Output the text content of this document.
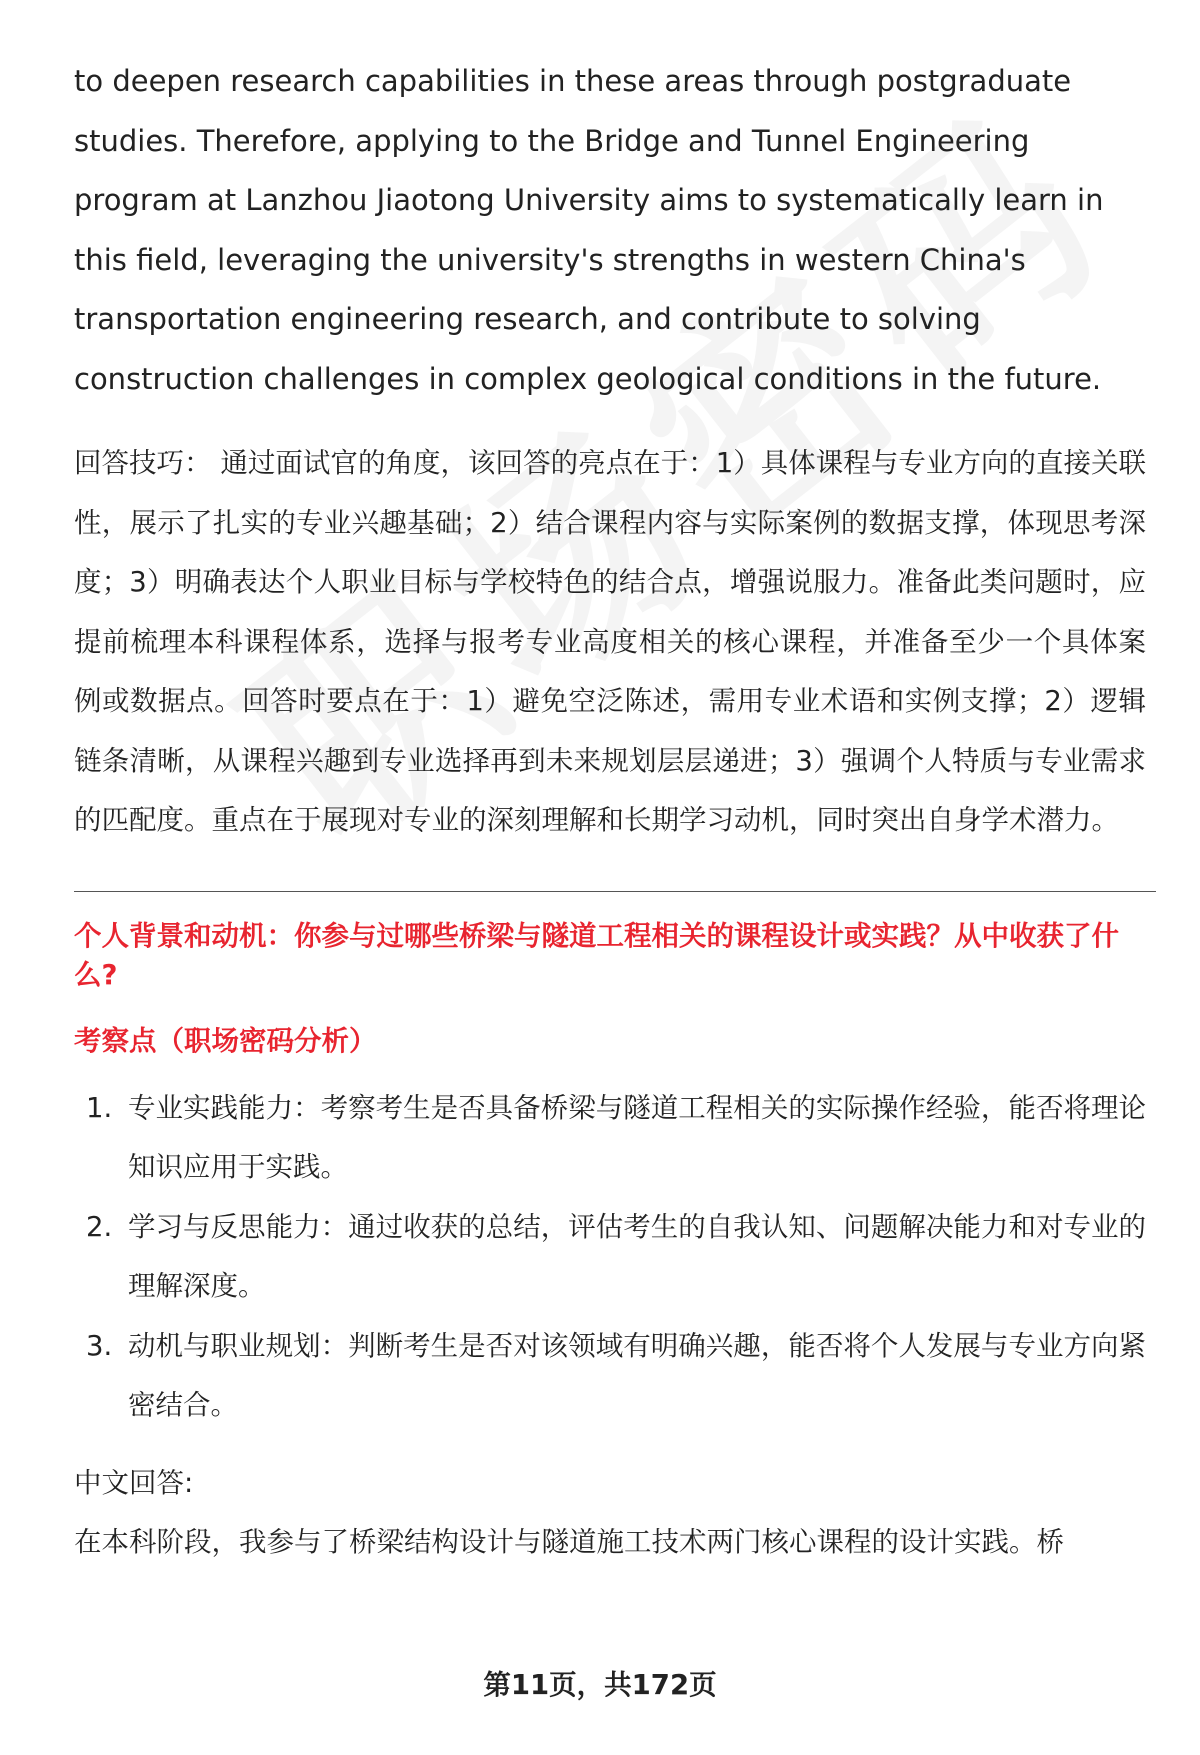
to deepen research capabilities in these areas through postgraduate studies. Therefore, applying to the Bridge and Tunnel Engineering program at Lanzhou Jiaotong University aims to systematically learn in this field, leveraging the university's strengths in western China's transportation engineering research, and contribute to solving construction challenges in complex geological conditions in the future.

回答技巧： 通过面试官的角度，该回答的亮点在于：1）具体课程与专业方向的直接关联性，展示了扎实的专业兴趣基础；2）结合课程内容与实际案例的数据支撑，体现思考深度；3）明确表达个人职业目标与学校特色的结合点，增强说服力。准备此类问题时，应提前梳理本科课程体系，选择与报考专业高度相关的核心课程，并准备至少一个具体案例或数据点。回答时要点在于：1）避免空泛陈述，需用专业术语和实例支撑；2）逻辑链条清晰，从课程兴趣到专业选择再到未来规划层层递进；3）强调个人特质与专业需求的匹配度。重点在于展现对专业的深刻理解和长期学习动机，同时突出自身学术潜力。

个人背景和动机：你参与过哪些桥梁与隧道工程相关的课程设计或实践？从中收获了什么?
考察点（职场密码分析）
1. 专业实践能力：考察考生是否具备桥梁与隧道工程相关的实际操作经验，能否将理论知识应用于实践。
2. 学习与反思能力：通过收获的总结，评估考生的自我认知、问题解决能力和对专业的理解深度。
3. 动机与职业规划：判断考生是否对该领域有明确兴趣，能否将个人发展与专业方向紧密结合。
中文回答:
在本科阶段，我参与了桥梁结构设计与隧道施工技术两门核心课程的设计实践。桥
第11页，共172页
